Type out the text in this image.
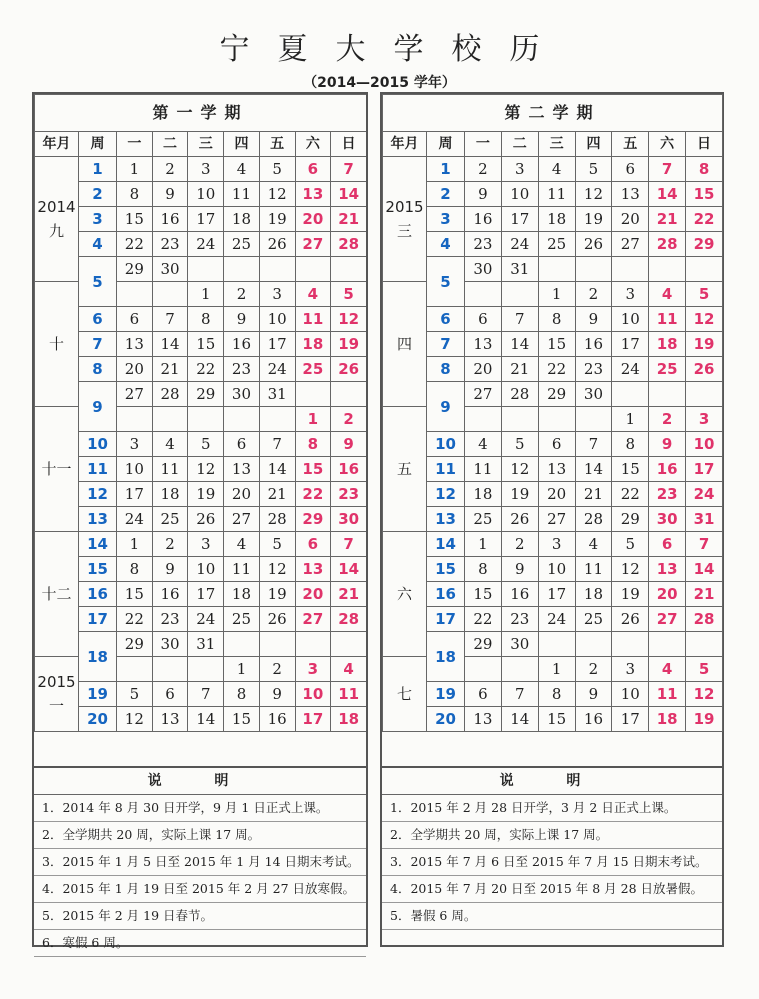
宁夏大学校历
（2014—2015 学年）
第一学期								
年月	周	一	二	三	四	五	六	日
2014
九	1	1	2	3	4	5	6	7
	2	8	9	10	11	12	13	14
	3	15	16	17	18	19	20	21
	4	22	23	24	25	26	27	28
	5	29	30					
十				1	2	3	4	5
	6	6	7	8	9	10	11	12
	7	13	14	15	16	17	18	19
	8	20	21	22	23	24	25	26
	9	27	28	29	30	31		
十一							1	2
	10	3	4	5	6	7	8	9
	11	10	11	12	13	14	15	16
	12	17	18	19	20	21	22	23
	13	24	25	26	27	28	29	30
十二	14	1	2	3	4	5	6	7
	15	8	9	10	11	12	13	14
	16	15	16	17	18	19	20	21
	17	22	23	24	25	26	27	28
	18	29	30	31				
2015
一					1	2	3	4
	19	5	6	7	8	9	10	11
	20	12	13	14	15	16	17	18
第二学期								
年月	周	一	二	三	四	五	六	日
2015
三	1	2	3	4	5	6	7	8
	2	9	10	11	12	13	14	15
	3	16	17	18	19	20	21	22
	4	23	24	25	26	27	28	29
	5	30	31					
四				1	2	3	4	5
	6	6	7	8	9	10	11	12
	7	13	14	15	16	17	18	19
	8	20	21	22	23	24	25	26
	9	27	28	29	30			
五						1	2	3
	10	4	5	6	7	8	9	10
	11	11	12	13	14	15	16	17
	12	18	19	20	21	22	23	24
	13	25	26	27	28	29	30	31
六	14	1	2	3	4	5	6	7
	15	8	9	10	11	12	13	14
	16	15	16	17	18	19	20	21
	17	22	23	24	25	26	27	28
	18	29	30					
七				1	2	3	4	5
	19	6	7	8	9	10	11	12
	20	13	14	15	16	17	18	19
说 明
1．2014 年 8 月 30 日开学，9 月 1 日正式上课。
2．全学期共 20 周，实际上课 17 周。
3．2015 年 1 月 5 日至 2015 年 1 月 14 日期末考试。
4．2015 年 1 月 19 日至 2015 年 2 月 27 日放寒假。
5．2015 年 2 月 19 日春节。
6．寒假 6 周。
说 明
1．2015 年 2 月 28 日开学，3 月 2 日正式上课。
2．全学期共 20 周，实际上课 17 周。
3．2015 年 7 月 6 日至 2015 年 7 月 15 日期末考试。
4．2015 年 7 月 20 日至 2015 年 8 月 28 日放暑假。
5．暑假 6 周。
